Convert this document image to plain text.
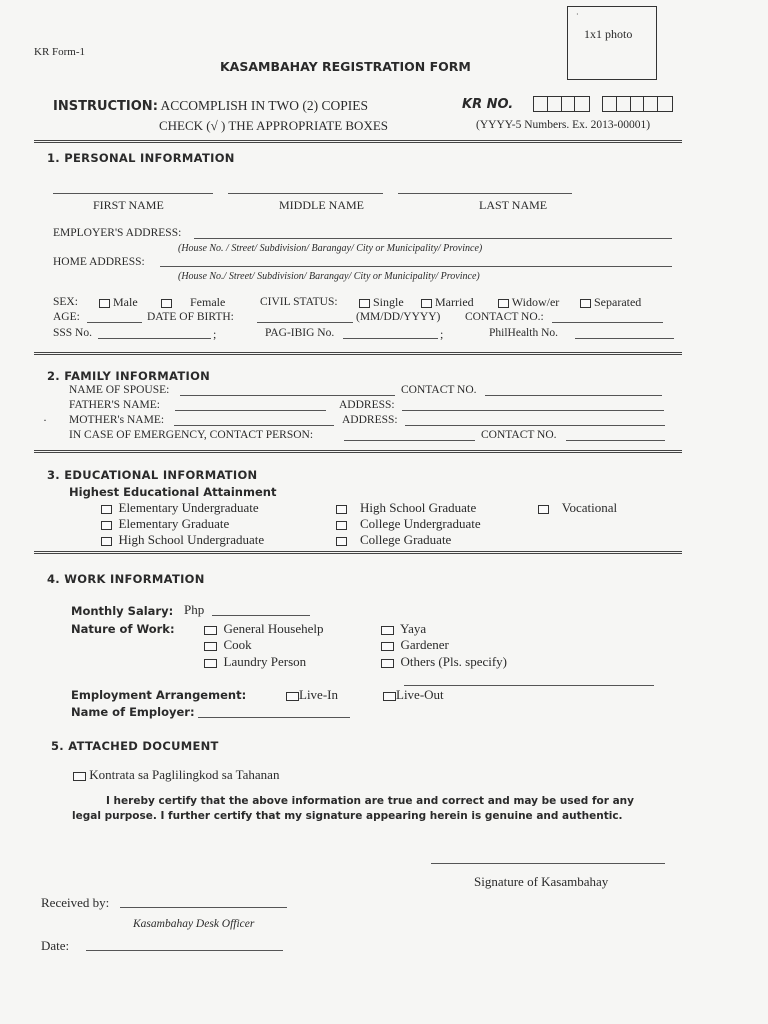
KR Form-1
·
1x1 photo
KASAMBAHAY REGISTRATION FORM
INSTRUCTION: ACCOMPLISH IN TWO (2) COPIES
CHECK (√ ) THE APPROPRIATE BOXES
KR NO.
(YYYY-5 Numbers. Ex. 2013-00001)
1. PERSONAL INFORMATION
FIRST NAME	MIDDLE NAME	LAST NAME
EMPLOYER'S ADDRESS:
(House No. / Street/ Subdivision/ Barangay/ City or Municipality/ Province)
HOME ADDRESS:
(House No./ Street/ Subdivision/ Barangay/ City or Municipality/ Province)
SEX:	Male	Female	CIVIL STATUS:	Single	Married	Widow/er	Separated
AGE:	DATE OF BIRTH:	(MM/DD/YYYY) CONTACT NO.:
SSS No.	;	PAG-IBIG No.	;	PhilHealth No.
2. FAMILY INFORMATION
NAME OF SPOUSE:	CONTACT NO.
FATHER'S NAME:	ADDRESS:
· MOTHER's NAME:	ADDRESS:
IN CASE OF EMERGENCY, CONTACT PERSON:	CONTACT NO.
3. EDUCATIONAL INFORMATION
Highest Educational Attainment
Elementary Undergraduate
Elementary Graduate
High School Undergraduate
High School Graduate
College Undergraduate
College Graduate
Vocational
4. WORK INFORMATION
Monthly Salary: Php
Nature of Work:	General Househelp
Cook
Laundry Person
Yaya
Gardener
Others (Pls. specify)
Employment Arrangement:	Live-In	Live-Out
Name of Employer:
5. ATTACHED DOCUMENT
Kontrata sa Paglilingkod sa Tahanan
I hereby certify that the above information are true and correct and may be used for any
legal purpose. I further certify that my signature appearing herein is genuine and authentic.
Signature of Kasambahay
Received by:
Kasambahay Desk Officer
Date:
